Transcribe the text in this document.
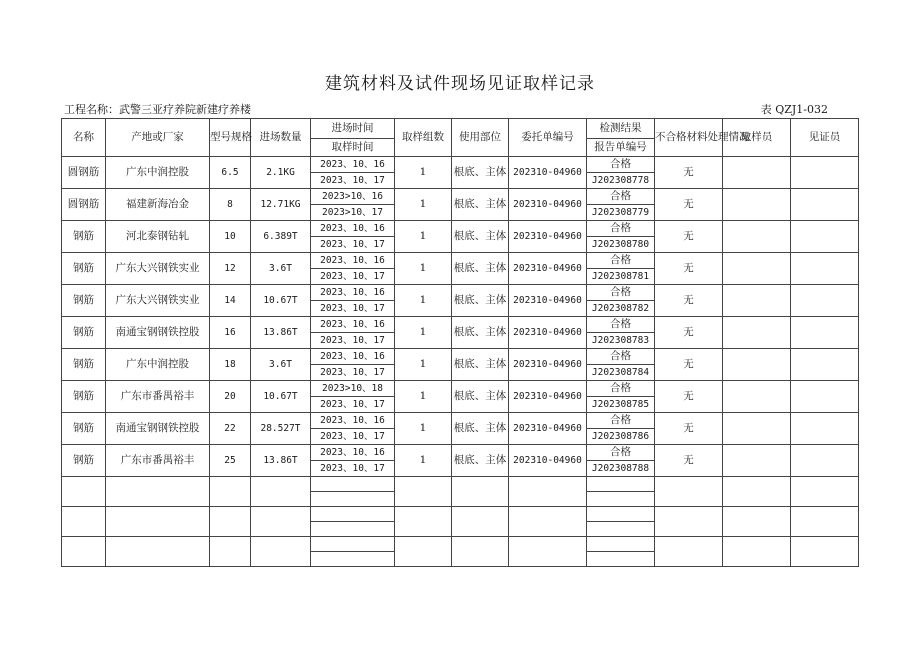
建筑材料及试件现场见证取样记录
工程名称：武警三亚疗养院新建疗养楼	表 QZJ1-032
名称	产地或厂家	型号规格	进场数量	进场时间	取样组数	使用部位	委托单编号	检测结果	不合格材料处理情况	取样员	见证员
				取样时间				报告单编号			
圆钢筋	广东中润控股	6.5	2.1KG	2023、10、16	1	根底、主体	202310-04960	合格	无		
				2023、10、17				J202308778			
圆钢筋	福建新海冶金	8	12.71KG	2023>10、16	1	根底、主体	202310-04960	合格	无		
				2023>10、17				J202308779			
钢筋	河北泰钢钻轧	10	6.389T	2023、10、16	1	根底、主体	202310-04960	合格	无		
				2023、10、17				J202308780			
钢筋	广东大兴钢铁实业	12	3.6T	2023、10、16	1	根底、主体	202310-04960	合格	无		
				2023、10、17				J202308781			
钢筋	广东大兴钢铁实业	14	10.67T	2023、10、16	1	根底、主体	202310-04960	合格	无		
				2023、10、17				J202308782			
钢筋	南通宝钢钢铁控股	16	13.86T	2023、10、16	1	根底、主体	202310-04960	合格	无		
				2023、10、17				J202308783			
钢筋	广东中润控股	18	3.6T	2023、10、16	1	根底、主体	202310-04960	合格	无		
				2023、10、17				J202308784			
钢筋	广东市番禺裕丰	20	10.67T	2023>10、18	1	根底、主体	202310-04960	合格	无		
				2023、10、17				J202308785			
钢筋	南通宝钢钢铁控股	22	28.527T	2023、10、16	1	根底、主体	202310-04960	合格	无		
				2023、10、17				J202308786			
钢筋	广东市番禺裕丰	25	13.86T	2023、10、16	1	根底、主体	202310-04960	合格	无		
				2023、10、17				J202308788			
